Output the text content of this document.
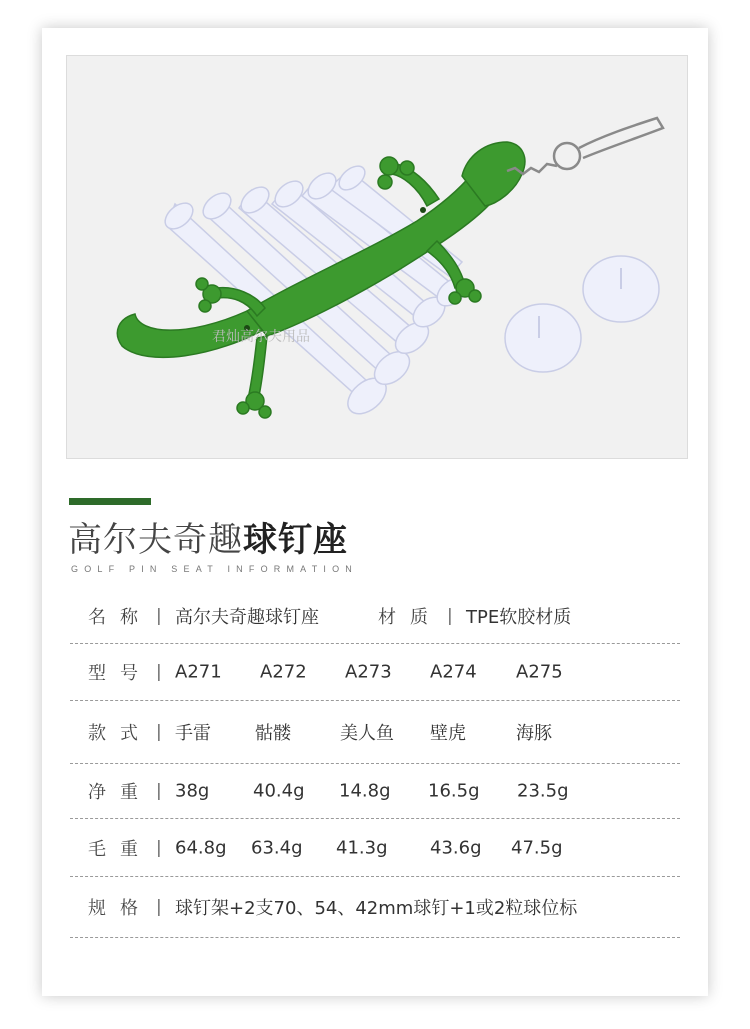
君灿高尔夫用品
高尔夫奇趣球钉座
GOLF PIN SEAT INFORMATION
名称 | 高尔夫奇趣球钉座	材质 | TPE软胶材质
型号 | A271 A272 A273 A274 A275
款式 | 手雷 骷髅	美人鱼 壁虎	海豚
净重 | 38g 40.4g 14.8g 16.5g 23.5g
毛重 | 64.8g 63.4g 41.3g 43.6g 47.5g
规格 | 球钉架+2支70、54、42mm球钉+1或2粒球位标
